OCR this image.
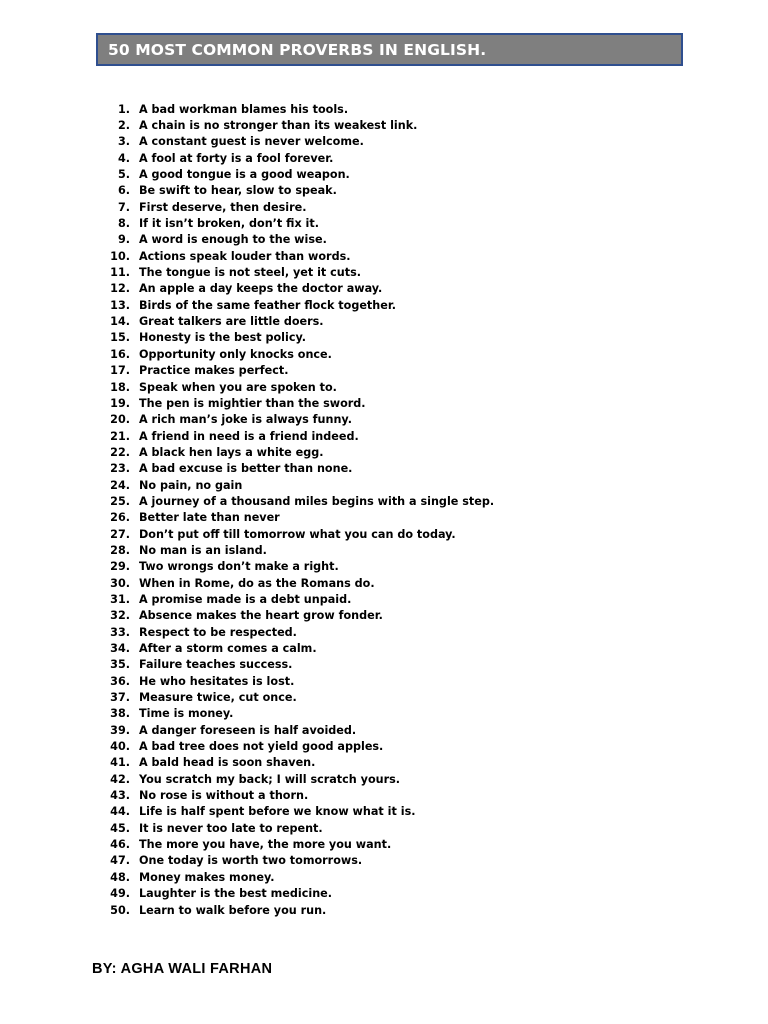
50 MOST COMMON PROVERBS IN ENGLISH.
1. A bad workman blames his tools.
2. A chain is no stronger than its weakest link.
3. A constant guest is never welcome.
4. A fool at forty is a fool forever.
5. A good tongue is a good weapon.
6. Be swift to hear, slow to speak.
7. First deserve, then desire.
8. If it isn’t broken, don’t fix it.
9. A word is enough to the wise.
10. Actions speak louder than words.
11. The tongue is not steel, yet it cuts.
12. An apple a day keeps the doctor away.
13. Birds of the same feather flock together.
14. Great talkers are little doers.
15. Honesty is the best policy.
16. Opportunity only knocks once.
17. Practice makes perfect.
18. Speak when you are spoken to.
19. The pen is mightier than the sword.
20. A rich man’s joke is always funny.
21. A friend in need is a friend indeed.
22. A black hen lays a white egg.
23. A bad excuse is better than none.
24. No pain, no gain
25. A journey of a thousand miles begins with a single step.
26. Better late than never
27. Don’t put off till tomorrow what you can do today.
28. No man is an island.
29. Two wrongs don’t make a right.
30. When in Rome, do as the Romans do.
31. A promise made is a debt unpaid.
32. Absence makes the heart grow fonder.
33. Respect to be respected.
34. After a storm comes a calm.
35. Failure teaches success.
36. He who hesitates is lost.
37. Measure twice, cut once.
38. Time is money.
39. A danger foreseen is half avoided.
40. A bad tree does not yield good apples.
41. A bald head is soon shaven.
42. You scratch my back; I will scratch yours.
43. No rose is without a thorn.
44. Life is half spent before we know what it is.
45. It is never too late to repent.
46. The more you have, the more you want.
47. One today is worth two tomorrows.
48. Money makes money.
49. Laughter is the best medicine.
50. Learn to walk before you run.
BY: AGHA WALI FARHAN
